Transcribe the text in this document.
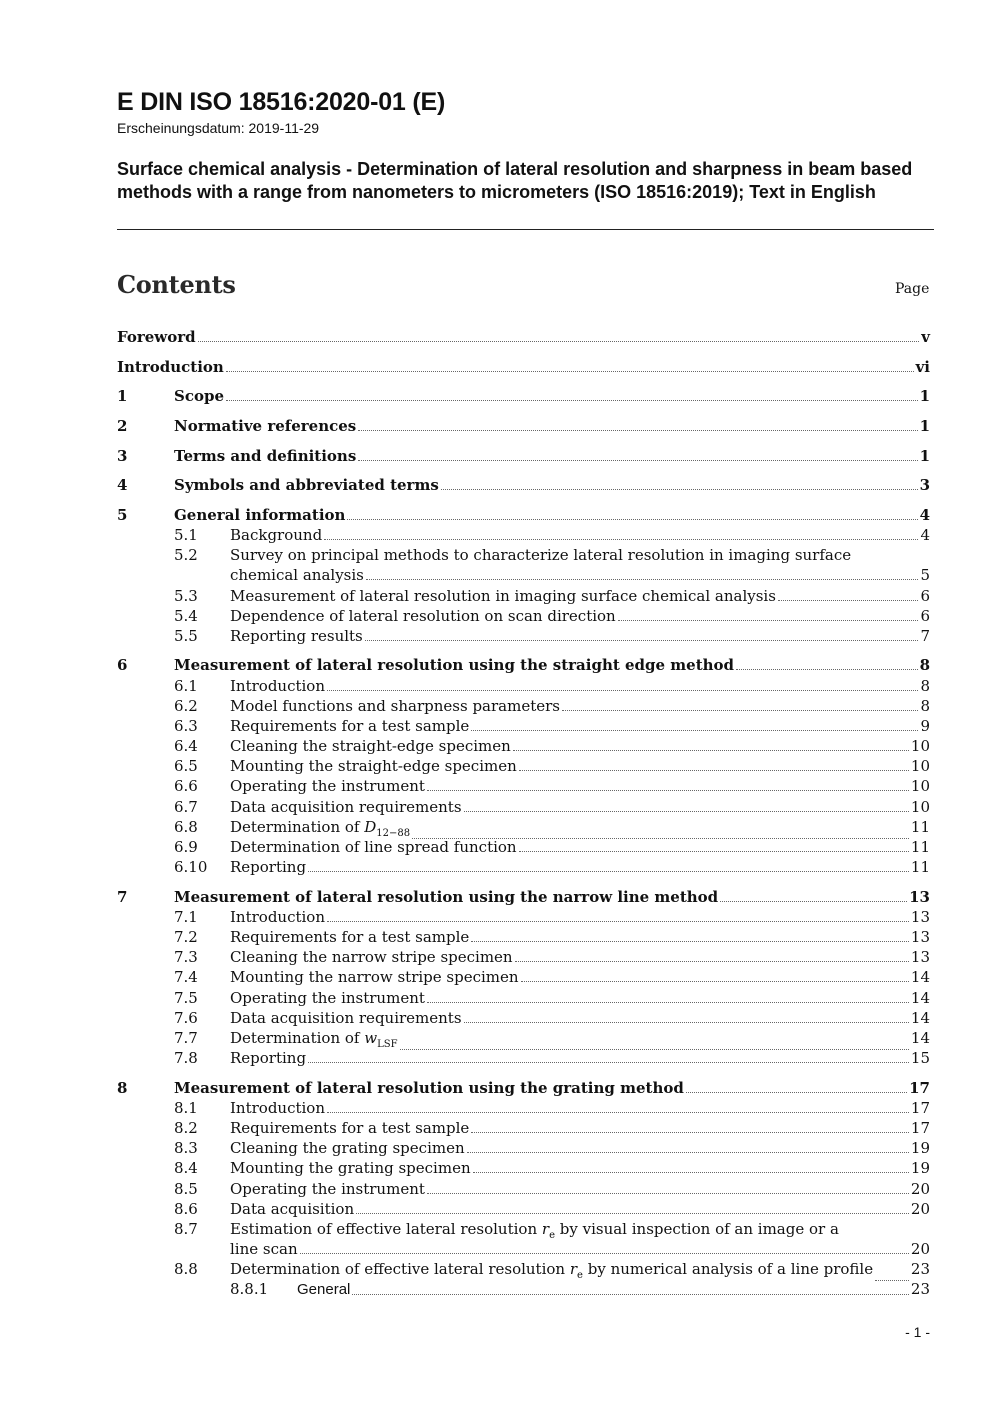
E DIN ISO 18516:2020-01 (E)
Erscheinungsdatum: 2019-11-29
Surface chemical analysis - Determination of lateral resolution and sharpness in beam based methods with a range from nanometers to micrometers (ISO 18516:2019); Text in English
Contents	Page
Foreword	v
Introduction	vi
1	Scope	1
2	Normative references	1
3	Terms and definitions	1
4	Symbols and abbreviated terms	3
5	General information	4
5.1 Background	4
5.2 Survey on principal methods to characterize lateral resolution in imaging surface
chemical analysis	5
5.3 Measurement of lateral resolution in imaging surface chemical analysis	6
5.4 Dependence of lateral resolution on scan direction	6
5.5 Reporting results	7
6	Measurement of lateral resolution using the straight edge method	8
6.1 Introduction	8
6.2 Model functions and sharpness parameters	8
6.3 Requirements for a test sample	9
6.4 Cleaning the straight-edge specimen	10
6.5 Mounting the straight-edge specimen	10
6.6 Operating the instrument	10
6.7 Data acquisition requirements	10
6.8 Determination of $D_{12-88}$	11
6.9 Determination of line spread function	11
6.10 Reporting	11
7	Measurement of lateral resolution using the narrow line method	13
7.1 Introduction	13
7.2 Requirements for a test sample	13
7.3 Cleaning the narrow stripe specimen	13
7.4 Mounting the narrow stripe specimen	14
7.5 Operating the instrument	14
7.6 Data acquisition requirements	14
7.7 Determination of $w_{LSF}$	14
7.8 Reporting	15
8	Measurement of lateral resolution using the grating method	17
8.1 Introduction	17
8.2 Requirements for a test sample	17
8.3 Cleaning the grating specimen	19
8.4 Mounting the grating specimen	19
8.5 Operating the instrument	20
8.6 Data acquisition	20
8.7 Estimation of effective lateral resolution $r_e$ by visual inspection of an image or a
line scan	20
8.8 Determination of effective lateral resolution $r_e$ by numerical analysis of a line profile	23
8.8.1 General	23
- 1 -
